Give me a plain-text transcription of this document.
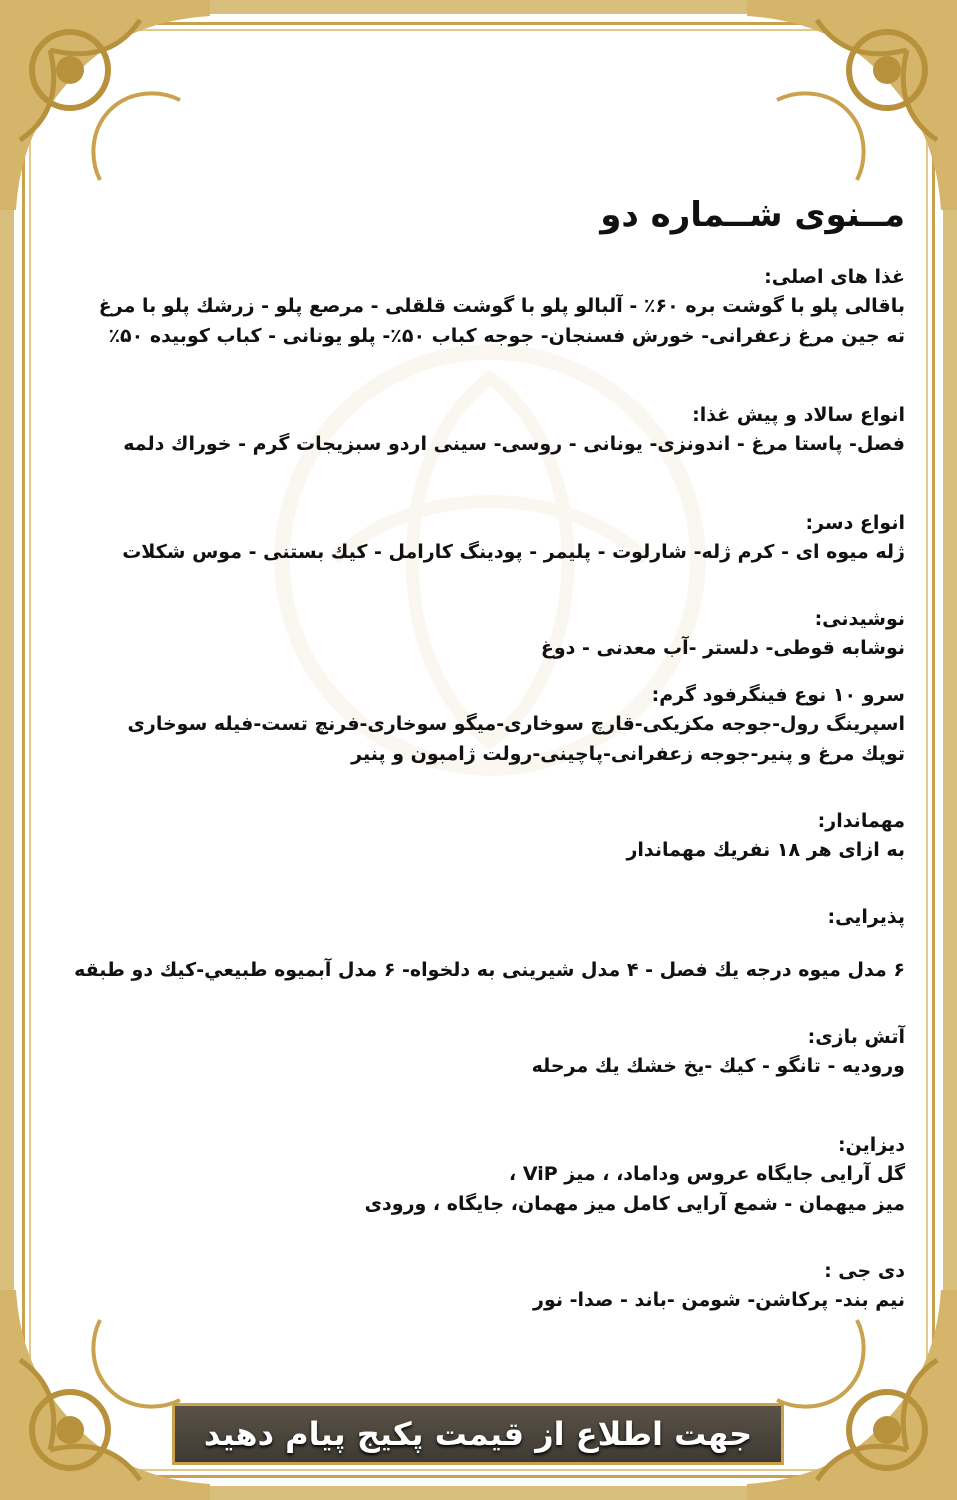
مــنوی شــماره دو
غذا های اصلی:
باقالی پلو با گوشت بره ۶۰٪ - آلبالو پلو با گوشت قلقلی - مرصع پلو - زرشك پلو با مرغ
ته جین مرغ زعفرانی- خورش فسنجان- جوجه کباب ۵۰٪- پلو یونانی - کباب کوبیده ۵۰٪
انواع سالاد و پیش غذا:
فصل- پاستا مرغ - اندونزی- یونانی - روسی- سینی اردو سبزیجات گرم - خوراك دلمه
انواع دسر:
ژله میوه ای - کرم ژله- شارلوت - پلیمر - پودینگ کارامل - کیك بستنی - موس شکلات
نوشیدنی:
نوشابه قوطی- دلستر -آب معدنی - دوغ
سرو ۱۰ نوع فینگرفود گرم:
اسپرینگ رول-جوجه مکزیکی-قارچ سوخاری-میگو سوخاری-فرنچ تست-فیله سوخاری
توپك مرغ و پنیر-جوجه زعفرانی-پاچینی-رولت ژامبون و پنیر
مهماندار:
به ازای هر ۱۸ نفریك مهماندار
پذیرایی:
۶ مدل میوه درجه یك فصل - ۴ مدل شیرینی به دلخواه- ۶ مدل آبمیوه طبيعي-کیك دو طبقه
آتش بازی:
ورودیه - تانگو - کیك -یخ خشك یك مرحله
دیزاین:
گل آرایی جایگاه عروس وداماد، ، میز ViP ،
میز میهمان - شمع آرایی کامل میز مهمان، جایگاه ، ورودی
دی جی :
نیم بند- پرکاشن- شومن -باند - صدا- نور
جهت اطلاع از قیمت پکیج پیام دهید
